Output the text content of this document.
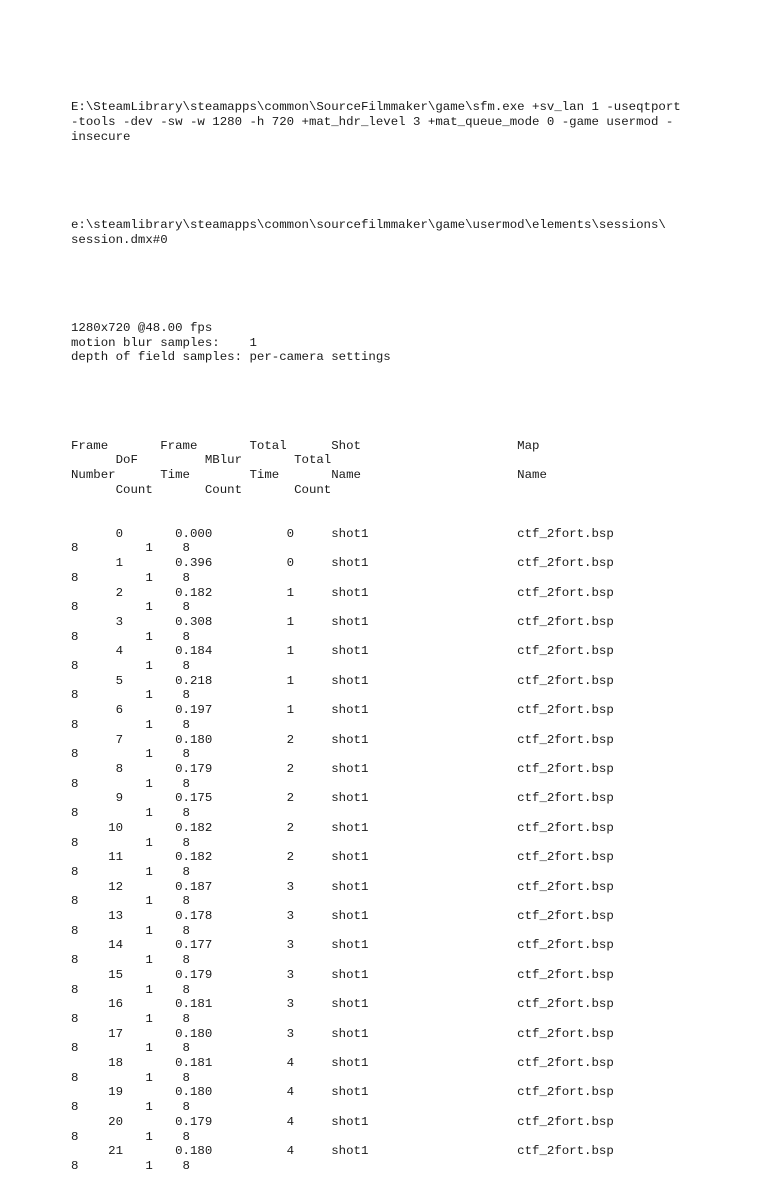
E:\SteamLibrary\steamapps\common\SourceFilmmaker\game\sfm.exe +sv_lan 1 -useqtport
-tools -dev -sw -w 1280 -h 720 +mat_hdr_level 3 +mat_queue_mode 0 -game usermod -
insecure

e:\steamlibrary\steamapps\common\sourcefilmmaker\game\usermod\elements\sessions\
session.dmx#0

1280x720 @48.00 fps
motion blur samples:    1
depth of field samples: per-camera settings

Frame       Frame       Total      Shot                     Map
DoF         MBlur       Total
Number      Time        Time       Name                     Name
Count       Count       Count

0       0.000          0     shot1                    ctf_2fort.bsp
8         1    8
1       0.396          0     shot1                    ctf_2fort.bsp
8         1    8
2       0.182          1     shot1                    ctf_2fort.bsp
8         1    8
3       0.308          1     shot1                    ctf_2fort.bsp
8         1    8
4       0.184          1     shot1                    ctf_2fort.bsp
8         1    8
5       0.218          1     shot1                    ctf_2fort.bsp
8         1    8
6       0.197          1     shot1                    ctf_2fort.bsp
8         1    8
7       0.180          2     shot1                    ctf_2fort.bsp
8         1    8
8       0.179          2     shot1                    ctf_2fort.bsp
8         1    8
9       0.175          2     shot1                    ctf_2fort.bsp
8         1    8
10       0.182          2     shot1                    ctf_2fort.bsp
8         1    8
11       0.182          2     shot1                    ctf_2fort.bsp
8         1    8
12       0.187          3     shot1                    ctf_2fort.bsp
8         1    8
13       0.178          3     shot1                    ctf_2fort.bsp
8         1    8
14       0.177          3     shot1                    ctf_2fort.bsp
8         1    8
15       0.179          3     shot1                    ctf_2fort.bsp
8         1    8
16       0.181          3     shot1                    ctf_2fort.bsp
8         1    8
17       0.180          3     shot1                    ctf_2fort.bsp
8         1    8
18       0.181          4     shot1                    ctf_2fort.bsp
8         1    8
19       0.180          4     shot1                    ctf_2fort.bsp
8         1    8
20       0.179          4     shot1                    ctf_2fort.bsp
8         1    8
21       0.180          4     shot1                    ctf_2fort.bsp
8         1    8
